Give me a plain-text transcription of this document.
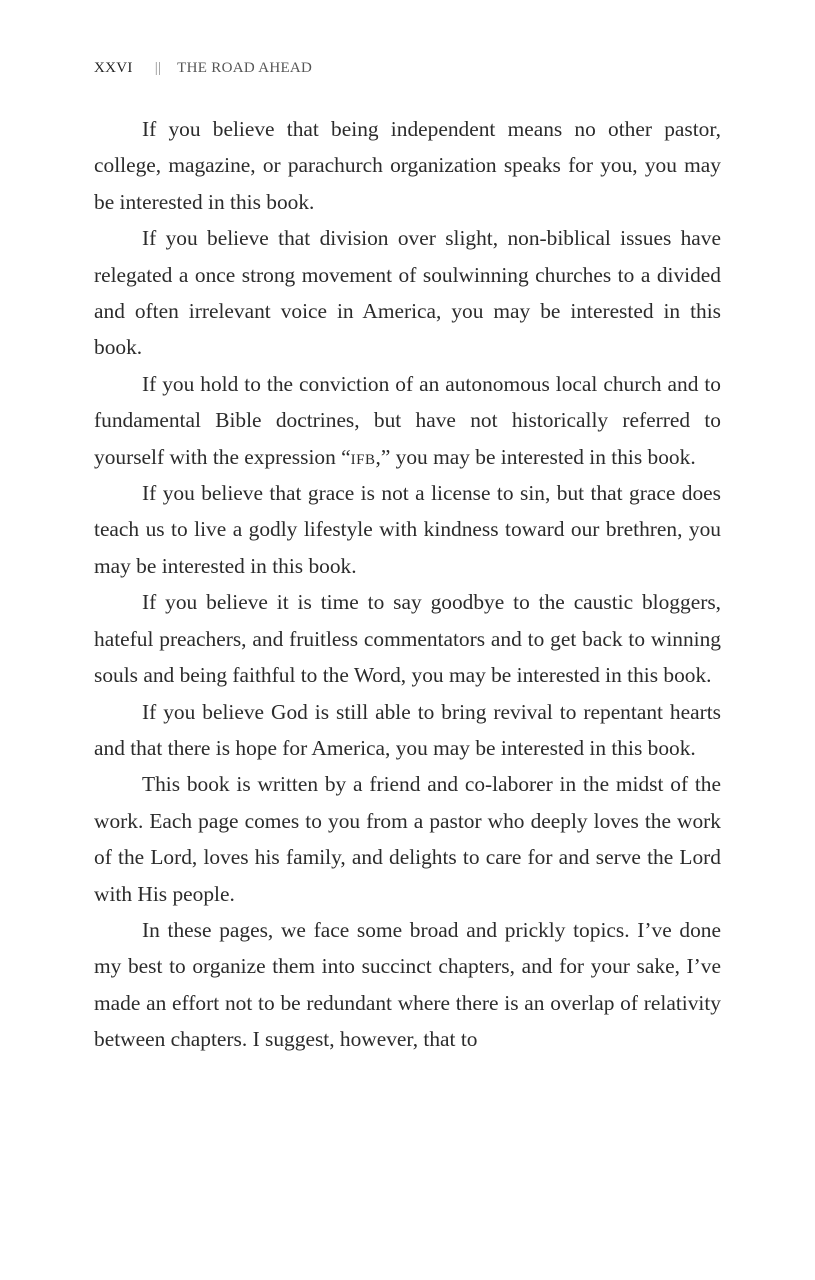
XXVI || THE ROAD AHEAD

If you believe that being independent means no other pastor, college, magazine, or parachurch organization speaks for you, you may be interested in this book.

If you believe that division over slight, non-biblical issues have relegated a once strong movement of soulwinning churches to a divided and often irrelevant voice in America, you may be interested in this book.

If you hold to the conviction of an autonomous local church and to fundamental Bible doctrines, but have not historically referred to yourself with the expression “ifb,” you may be interested in this book.

If you believe that grace is not a license to sin, but that grace does teach us to live a godly lifestyle with kindness toward our brethren, you may be interested in this book.

If you believe it is time to say goodbye to the caustic bloggers, hateful preachers, and fruitless commentators and to get back to winning souls and being faithful to the Word, you may be interested in this book.

If you believe God is still able to bring revival to repentant hearts and that there is hope for America, you may be interested in this book.

This book is written by a friend and co-laborer in the midst of the work. Each page comes to you from a pastor who deeply loves the work of the Lord, loves his family, and delights to care for and serve the Lord with His people.

In these pages, we face some broad and prickly topics. I’ve done my best to organize them into succinct chapters, and for your sake, I’ve made an effort not to be redundant where there is an overlap of relativity between chapters. I suggest, however, that to
